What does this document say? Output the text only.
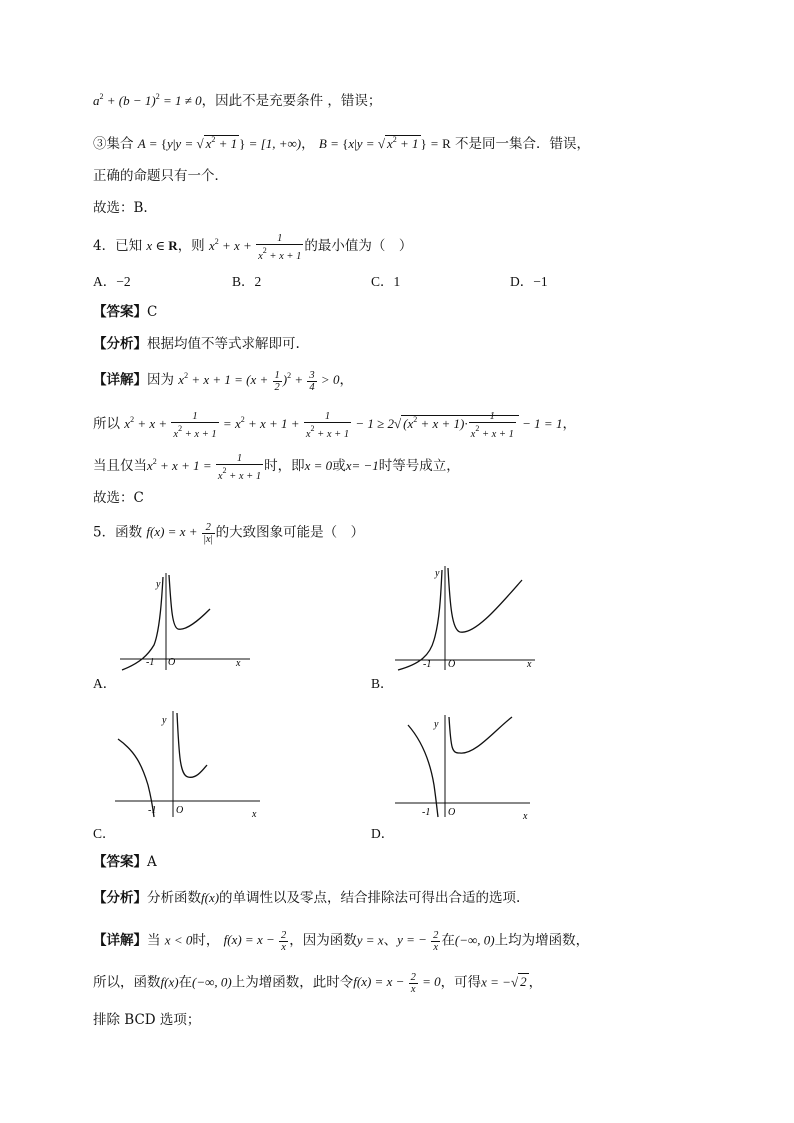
$a^2 + (b - 1)^2 = 1 \ne 0$，因此不是充要条件 ，错误；
③集合 A = {y|y = √ $x^2 + 1$ } = [1, +∞)， B = {x|y = √ $x^2 + 1$ } = R 不是同一集合．错误，
正确的命题只有一个．
故选：B.
4．已知 x ∈ R，则 $x^2 + x + \frac{1}{x^2 + x + 1}$ 的最小值为（　）
A．−2	B．2	C．1	D．−1
【答案】C
【分析】根据均值不等式求解即可.
【详解】因为 $x^2 + x + 1 = (x + \frac{1}{2} )^2 + \frac{3}{4} > 0$，
所以 $x^2 + x + \frac{1}{x^2 + x + 1} = x^2 + x + 1 + \frac{1}{x^2 + x + 1} - 1 \ge 2√$ $(x^2 + x + 1)\cdot \frac{1}{x^2 + x + 1} - 1 = 1$，
当且仅当$x^2 + x + 1 = \frac{1}{x^2 + x + 1}$ 时，即x = 0或x= −1时等号成立，
故选：C
5．函数 $f(x) = x + \frac{2}{|x|}$ 的大致图象可能是（　）
y
x
-1 O
A．
y
x
-1 O
B．
y
x
-1 O
C．
y
x
-1 O
D．
【答案】A
【分析】分析函数f(x)的单调性以及零点，结合排除法可得出合适的选项.
【详解】当 x < 0时， $f(x) = x - \frac{2}{x}$ ，因为函数y = x、y = − $\frac{2}{x}$ 在(−∞, 0)上均为增函数，
所以，函数f(x)在(−∞, 0)上为增函数，此时令$f(x) = x - \frac{2}{x} = 0$，可得x = −√ 2 ，
排除 BCD 选项；
